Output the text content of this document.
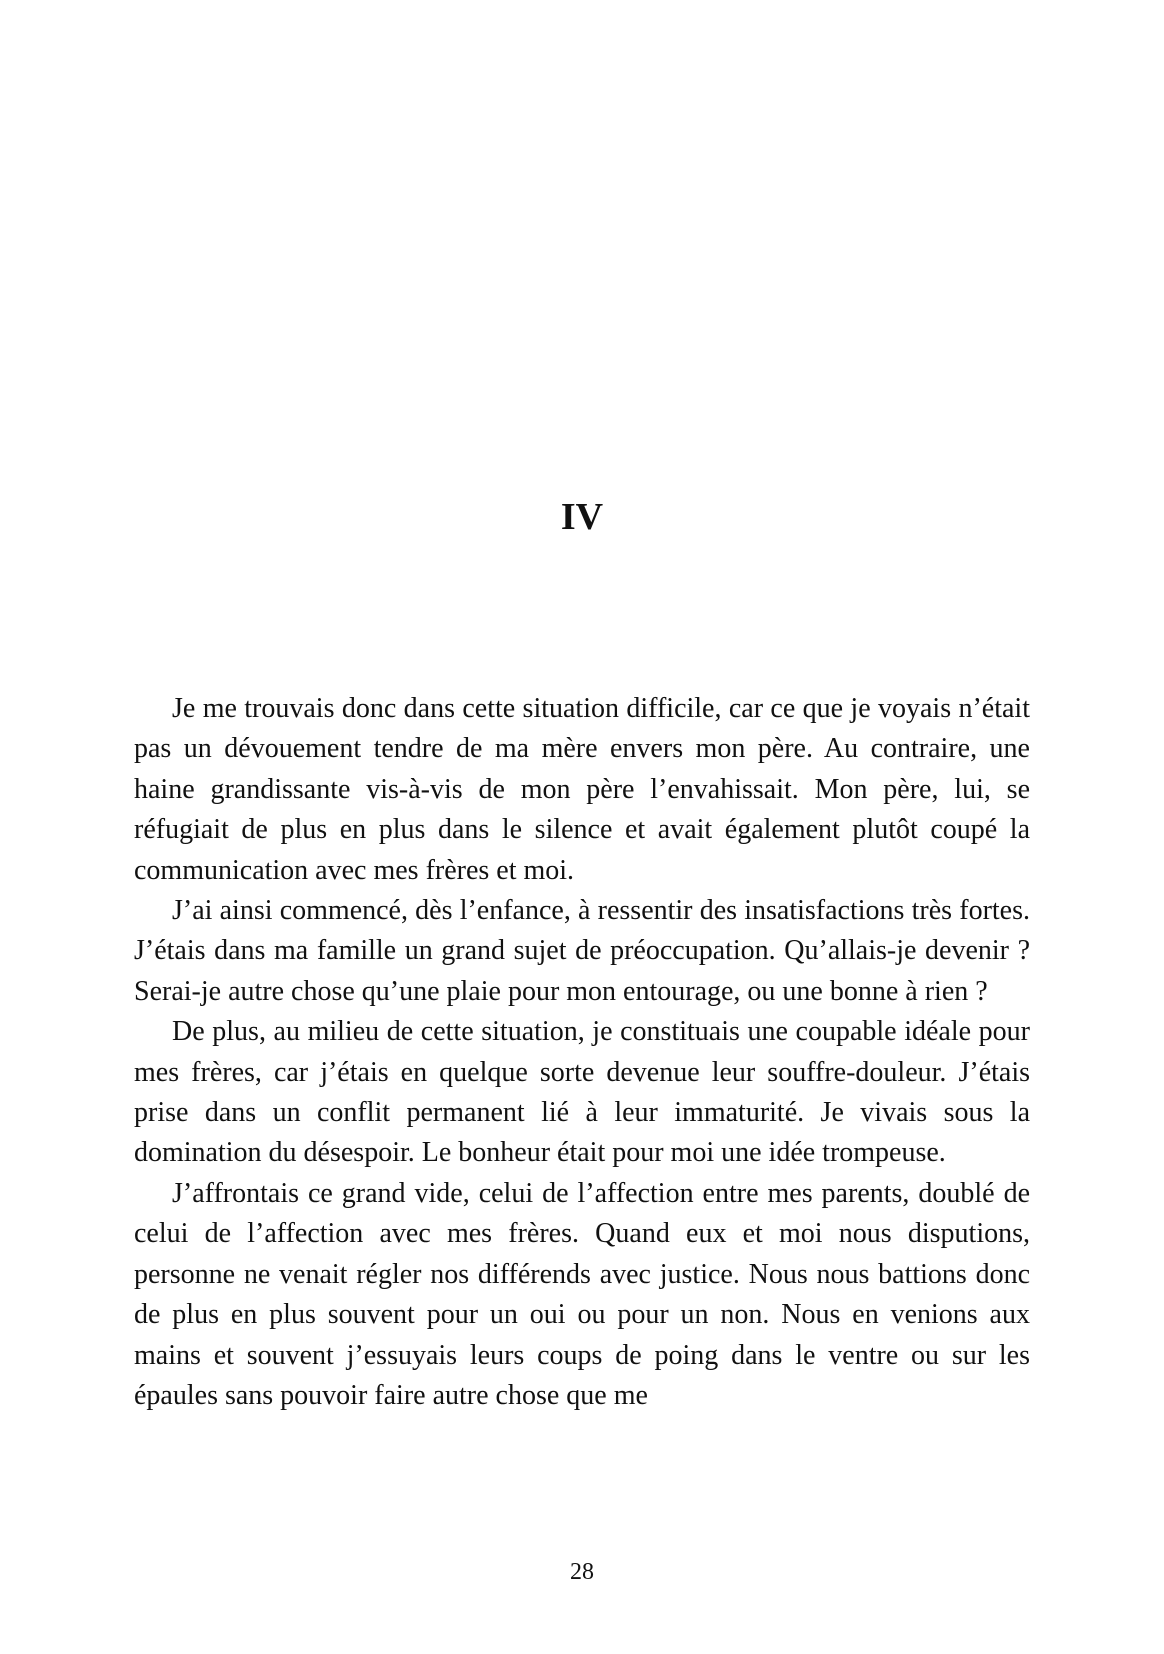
IV

Je me trouvais donc dans cette situation difficile, car ce que je voyais n’était pas un dévouement tendre de ma mère envers mon père. Au contraire, une haine grandissante vis-à-vis de mon père l’envahissait. Mon père, lui, se réfugiait de plus en plus dans le silence et avait également plutôt coupé la communication avec mes frères et moi.

J’ai ainsi commencé, dès l’enfance, à ressentir des insatisfactions très fortes. J’étais dans ma famille un grand sujet de préoccupation. Qu’allais-je devenir ? Serai-je autre chose qu’une plaie pour mon entourage, ou une bonne à rien ?

De plus, au milieu de cette situation, je constituais une coupable idéale pour mes frères, car j’étais en quelque sorte devenue leur souffre-douleur. J’étais prise dans un conflit permanent lié à leur immaturité. Je vivais sous la domination du désespoir. Le bonheur était pour moi une idée trompeuse.

J’affrontais ce grand vide, celui de l’affection entre mes parents, doublé de celui de l’affection avec mes frères. Quand eux et moi nous disputions, personne ne venait régler nos différends avec justice. Nous nous battions donc de plus en plus souvent pour un oui ou pour un non. Nous en venions aux mains et souvent j’essuyais leurs coups de poing dans le ventre ou sur les épaules sans pouvoir faire autre chose que me

28
